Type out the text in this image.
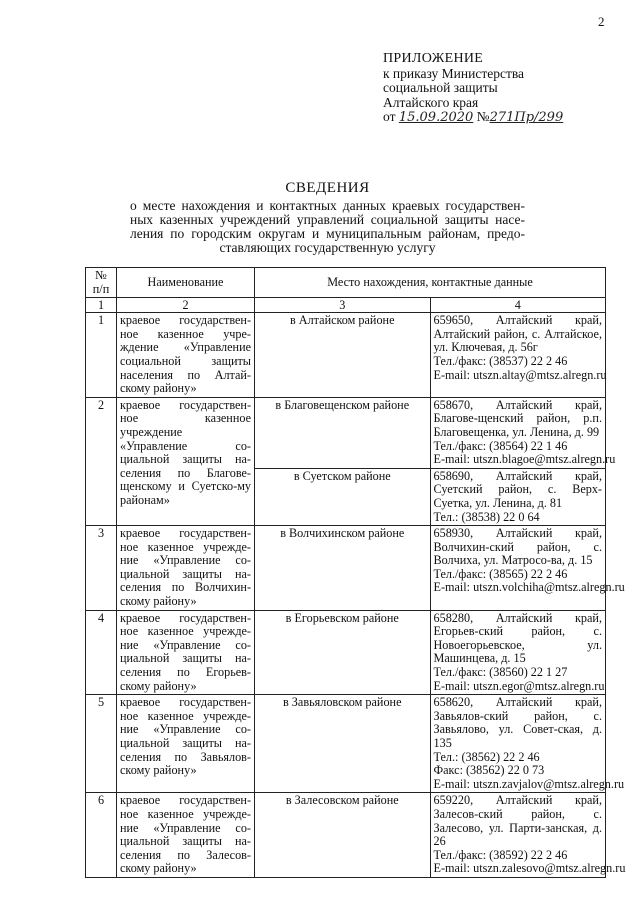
2
ПРИЛОЖЕНИЕ
к приказу Министерства
социальной защиты
Алтайского края
от 15.09.2020 №271Пр/299
СВЕДЕНИЯ
о месте нахождения и контактных данных краевых государствен-ных казенных учреждений управлений социальной защиты насе-ления по городским округам и муниципальным районам, предо-ставляющих государственную услугу
№ п/п	Наименование	Место нахождения, контактные данные	
1	2	3	4
1	краевое государствен-ное казенное учре-ждение «Управление социальной защиты населения по Алтай-скому району»	в Алтайском районе	659650, Алтайский край, Алтайский район, с. Алтайское, ул. Ключевая, д. 56г
Тел./факс: (38537) 22 2 46
E-mail: utszn.altay@mtsz.alregn.ru

2	краевое государствен-ное казенное учреждение «Управление со-циальной защиты на-селения по Благове-щенскому и Суетско-му районам»	в Благовещенском районе	658670, Алтайский край, Благове-щенский район, р.п. Благовещенка, ул. Ленина, д. 99
Тел./факс: (38564) 22 1 46
E-mail: utszn.blagoe@mtsz.alregn.ru

		в Суетском районе	658690, Алтайский край, Суетский район, с. Верх-Суетка, ул. Ленина, д. 81
Тел.: (38538) 22 0 64

3	краевое государствен-ное казенное учрежде-ние «Управление со-циальной защиты на-селения по Волчихин-скому району»	в Волчихинском районе	658930, Алтайский край, Волчихин-ский район, с. Волчиха, ул. Матросо-ва, д. 15
Тел./факс: (38565) 22 2 46
E-mail: utszn.volchiha@mtsz.alregn.ru

4	краевое государствен-ное казенное учрежде-ние «Управление со-циальной защиты на-селения по Егорьев-скому району»	в Егорьевском районе	658280, Алтайский край, Егорьев-ский район, с. Новоегорьевское, ул. Машинцева, д. 15
Тел./факс: (38560) 22 1 27
E-mail: utszn.egor@mtsz.alregn.ru

5	краевое государствен-ное казенное учрежде-ние «Управление со-циальной защиты на-селения по Завьялов-скому району»	в Завьяловском районе	658620, Алтайский край, Завьялов-ский район, с. Завьялово, ул. Совет-ская, д. 135
Тел.: (38562) 22 2 46
Факс: (38562) 22 0 73
E-mail: utszn.zavjalov@mtsz.alregn.ru

6	краевое государствен-ное казенное учрежде-ние «Управление со-циальной защиты на-селения по Залесов-скому району»	в Залесовском районе	659220, Алтайский край, Залесов-ский район, с. Залесово, ул. Парти-занская, д. 26
Тел./факс: (38592) 22 2 46
E-mail: utszn.zalesovo@mtsz.alregn.ru
